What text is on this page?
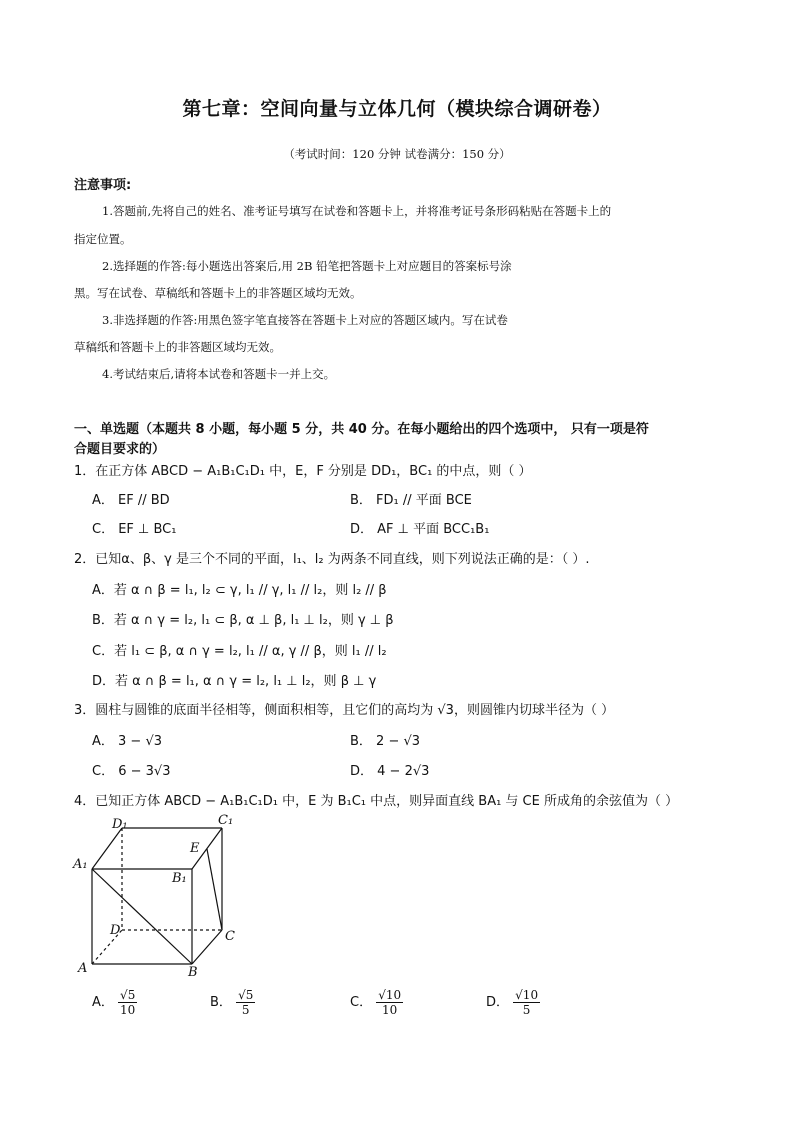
第七章：空间向量与立体几何（模块综合调研卷）
（考试时间：120 分钟 试卷满分：150 分）
注意事项:
1.答题前,先将自己的姓名、准考证号填写在试卷和答题卡上，并将准考证号条形码粘贴在答题卡上的
指定位置。
2.选择题的作答:每小题选出答案后,用 2B 铅笔把答题卡上对应题目的答案标号涂
黑。写在试卷、草稿纸和答题卡上的非答题区域均无效。
3.非选择题的作答:用黑色签字笔直接答在答题卡上对应的答题区域内。写在试卷
草稿纸和答题卡上的非答题区域均无效。
4.考试结束后,请将本试卷和答题卡一并上交。
一、单选题（本题共 8 小题，每小题 5 分，共 40 分。在每小题给出的四个选项中， 只有一项是符
合题目要求的）
1．在正方体 ABCD − A₁B₁C₁D₁ 中，E，F 分别是 DD₁，BC₁ 的中点，则（ ）
A． EF // BD	B． FD₁ // 平面 BCE
C． EF ⊥ BC₁	D． AF ⊥ 平面 BCC₁B₁
2．已知α、β、γ 是三个不同的平面，l₁、l₂ 为两条不同直线，则下列说法正确的是：（ ）.
A．若 α ∩ β = l₁, l₂ ⊂ γ, l₁ // γ, l₁ // l₂，则 l₂ // β
B．若 α ∩ γ = l₂, l₁ ⊂ β, α ⊥ β, l₁ ⊥ l₂，则 γ ⊥ β
C．若 l₁ ⊂ β, α ∩ γ = l₂, l₁ // α, γ // β，则 l₁ // l₂
D．若 α ∩ β = l₁, α ∩ γ = l₂, l₁ ⊥ l₂，则 β ⊥ γ
3．圆柱与圆锥的底面半径相等，侧面积相等，且它们的高均为 √3，则圆锥内切球半径为（ ）
A． 3 − √3	B． 2 − √3
C． 6 − 3√3	D． 4 − 2√3
4．已知正方体 ABCD − A₁B₁C₁D₁ 中，E 为 B₁C₁ 中点，则异面直线 BA₁ 与 CE 所成角的余弦值为（ ）
D₁	C₁
A₁
B₁
E
D	C
A	B
A． $\frac{√5}{10}$	B． $\frac{√5}{5}$	C． $\frac{√10}{10}$	D． $\frac{√10}{5}$
